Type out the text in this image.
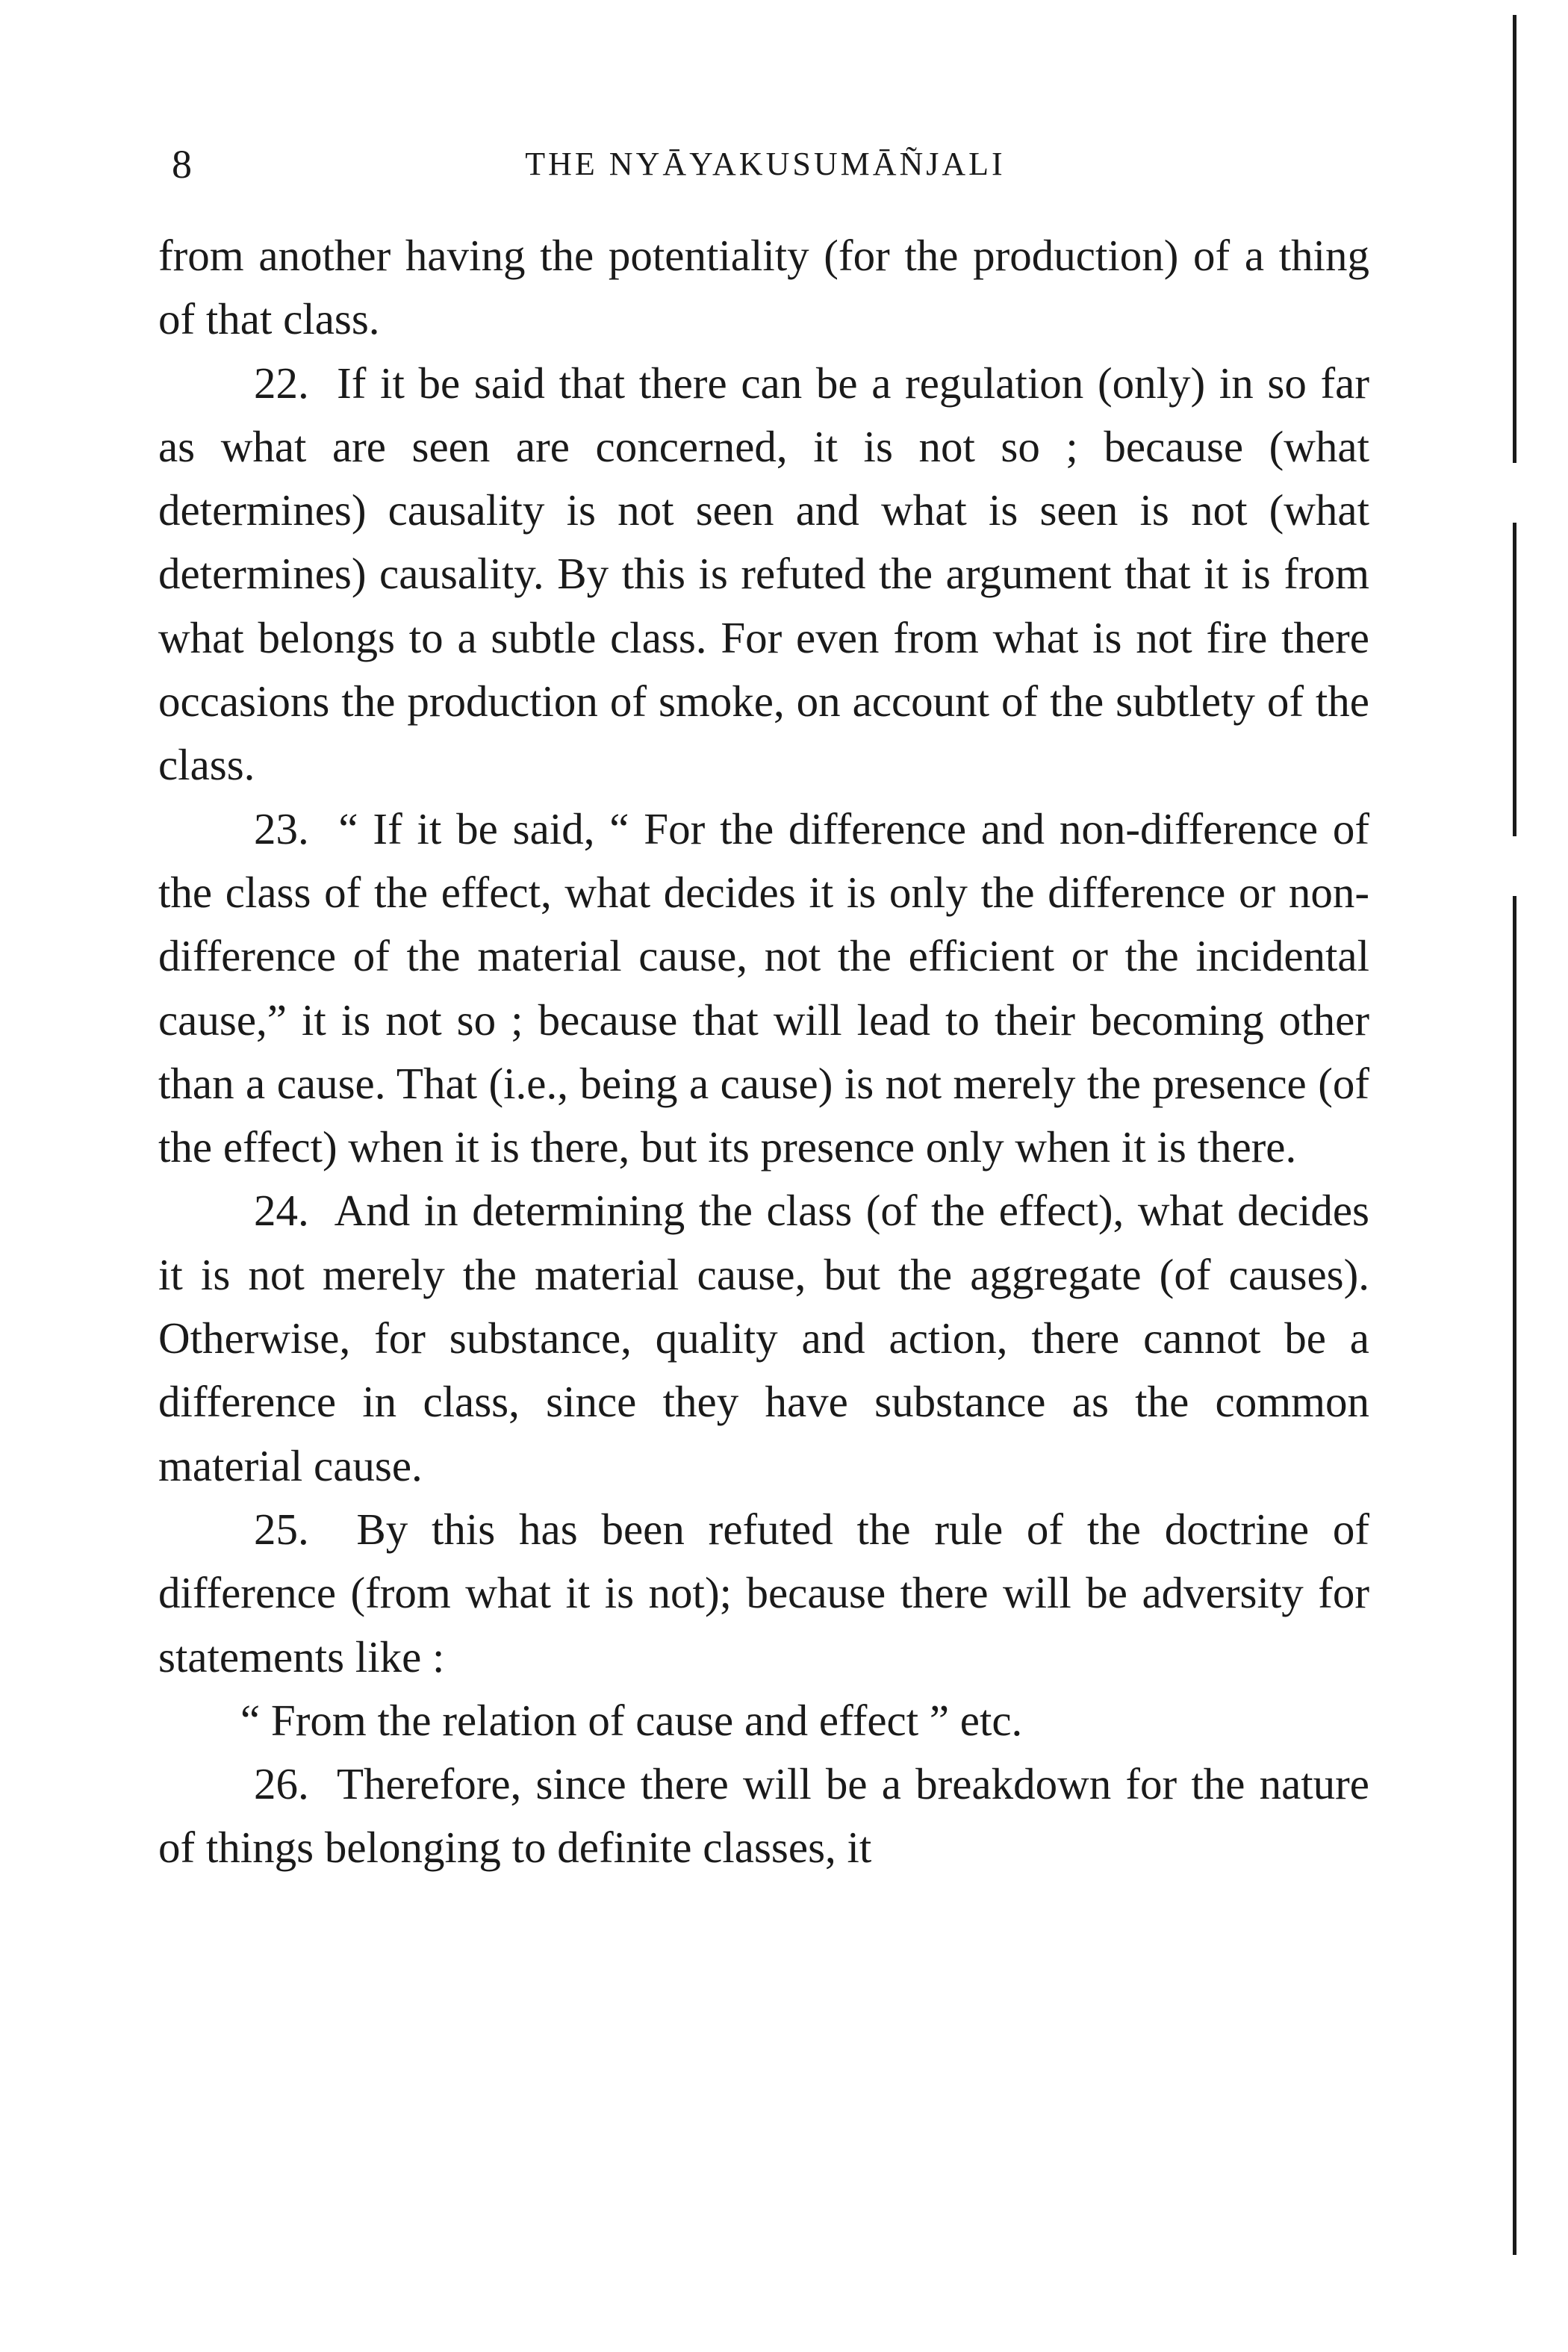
8	THE NYĀYAKUSUMĀÑJALI

from another having the potentiality (for the production) of a thing of that class.

22. If it be said that there can be a regulation (only) in so far as what are seen are concerned, it is not so ; because (what determines) causality is not seen and what is seen is not (what determines) causality. By this is refuted the argument that it is from what belongs to a subtle class. For even from what is not fire there occasions the production of smoke, on account of the subtlety of the class.

23. “ If it be said, “ For the difference and non-difference of the class of the effect, what decides it is only the difference or non-difference of the material cause, not the efficient or the incidental cause,” it is not so ; because that will lead to their becoming other than a cause. That (i.e., being a cause) is not merely the presence (of the effect) when it is there, but its presence only when it is there.

24. And in determining the class (of the effect), what decides it is not merely the material cause, but the aggregate (of causes). Otherwise, for substance, quality and action, there cannot be a difference in class, since they have substance as the common material cause.

25. By this has been refuted the rule of the doctrine of difference (from what it is not); because there will be adversity for statements like :

“ From the relation of cause and effect ” etc.

26. Therefore, since there will be a breakdown for the nature of things belonging to definite classes, it
